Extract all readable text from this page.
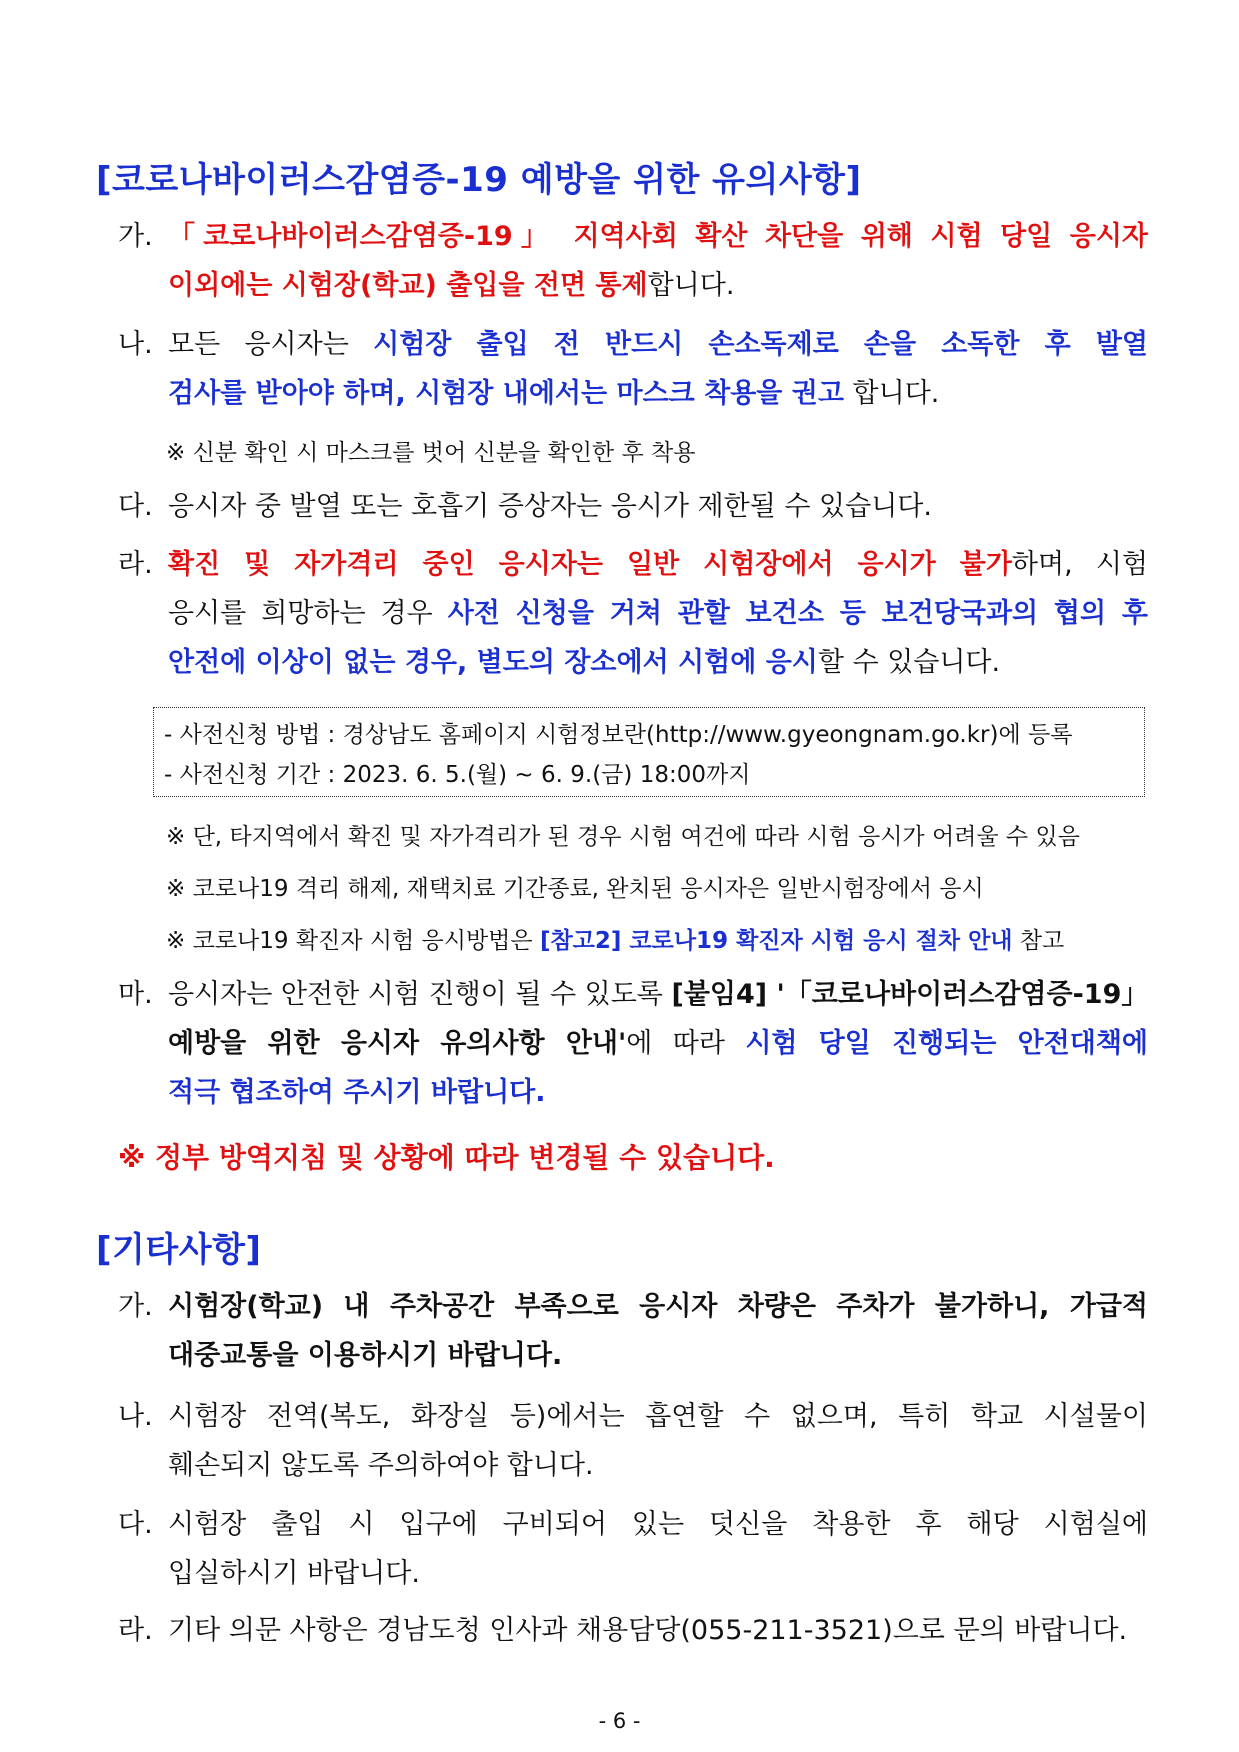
[코로나바이러스감염증-19 예방을 위한 유의사항]
가. 「코로나바이러스감염증-19」 지역사회 확산 차단을 위해 시험 당일 응시자
이외에는 시험장(학교) 출입을 전면 통제합니다.
나. 모든 응시자는 시험장 출입 전 반드시 손소독제로 손을 소독한 후 발열
검사를 받아야 하며, 시험장 내에서는 마스크 착용을 권고 합니다.
※ 신분 확인 시 마스크를 벗어 신분을 확인한 후 착용
다. 응시자 중 발열 또는 호흡기 증상자는 응시가 제한될 수 있습니다.
라. 확진 및 자가격리 중인 응시자는 일반 시험장에서 응시가 불가하며, 시험
응시를 희망하는 경우 사전 신청을 거쳐 관할 보건소 등 보건당국과의 협의 후
안전에 이상이 없는 경우, 별도의 장소에서 시험에 응시할 수 있습니다.
- 사전신청 방법 : 경상남도 홈페이지 시험정보란(http://www.gyeongnam.go.kr)에 등록
- 사전신청 기간 : 2023. 6. 5.(월) ~ 6. 9.(금) 18:00까지
※ 단, 타지역에서 확진 및 자가격리가 된 경우 시험 여건에 따라 시험 응시가 어려울 수 있음
※ 코로나19 격리 해제, 재택치료 기간종료, 완치된 응시자은 일반시험장에서 응시
※ 코로나19 확진자 시험 응시방법은 [참고2] 코로나19 확진자 시험 응시 절차 안내 참고
마. 응시자는 안전한 시험 진행이 될 수 있도록 [붙임4] '「코로나바이러스감염증-19」
예방을 위한 응시자 유의사항 안내'에 따라 시험 당일 진행되는 안전대책에
적극 협조하여 주시기 바랍니다.
※ 정부 방역지침 및 상황에 따라 변경될 수 있습니다.
[기타사항]
가. 시험장(학교) 내 주차공간 부족으로 응시자 차량은 주차가 불가하니, 가급적
대중교통을 이용하시기 바랍니다.
나. 시험장 전역(복도, 화장실 등)에서는 흡연할 수 없으며, 특히 학교 시설물이
훼손되지 않도록 주의하여야 합니다.
다. 시험장 출입 시 입구에 구비되어 있는 덧신을 착용한 후 해당 시험실에
입실하시기 바랍니다.
라. 기타 의문 사항은 경남도청 인사과 채용담당(055-211-3521)으로 문의 바랍니다.
- 6 -
